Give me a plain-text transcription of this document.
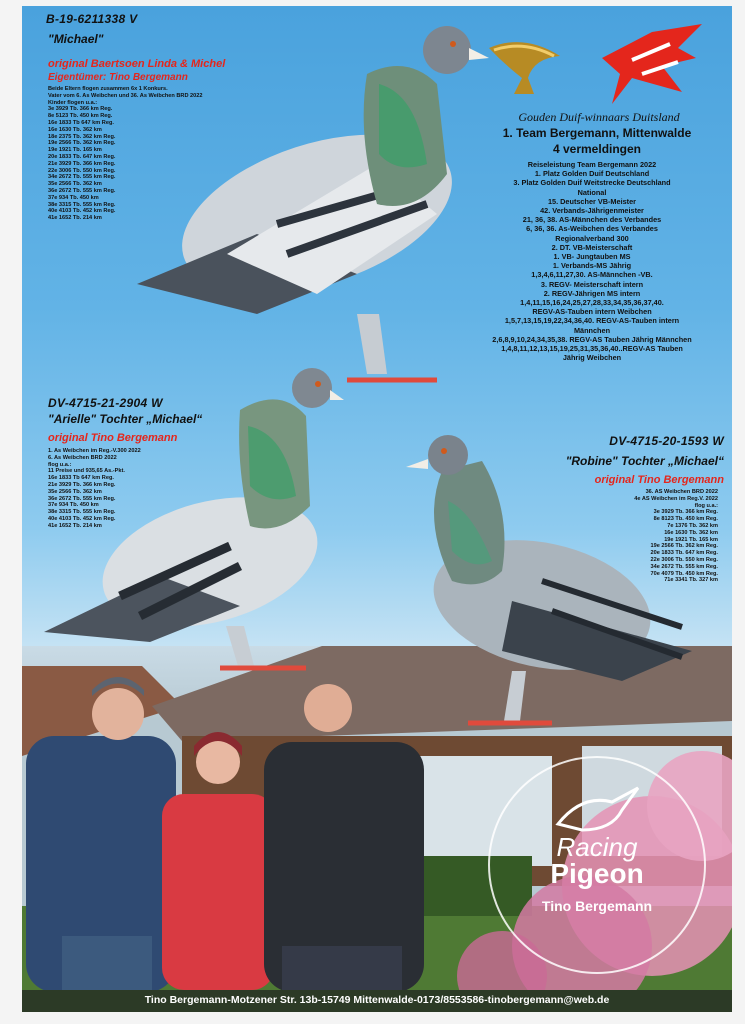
B-19-6211338 V
"Michael"
original Baertsoen Linda & Michel
Eigentümer: Tino Bergemann
Beide Eltern flogen zusammen 6x 1 Konkurs.
Vater vom 6. As Weibchen und 36. As Weibchen BRD 2022
Kinder flogen u.a.:
3e 3929 Tb. 366 km Reg.
8e 5123 Tb. 450 km Reg.
16e 1833 Tb 647 km Reg.
16e 1630 Tb. 362 km
18e 2375 Tb. 362 km Reg.
19e 2566 Tb. 362 km Reg.
19e 1921 Tb. 165 km
20e 1833 Tb. 647 km Reg.
21e 3929 Tb. 366 km Reg.
22e 3006 Tb. 550 km Reg.
34e 2672 Tb. 555 km Reg.
35e 2566 Tb. 362 km
36e 2672 Tb. 555 km Reg.
37e 934 Tb. 450 km
38e 3315 Tb. 555 km Reg.
40e 4103 Tb. 452 km Reg.
41e 1652 Tb. 214 km
Gouden Duif-winnaars Duitsland
1. Team Bergemann, Mittenwalde
4 vermeldingen
Reiseleistung Team Bergemann 2022
1. Platz Golden Duif Deutschland
3. Platz Golden Duif Weitstrecke Deutschland
National
15. Deutscher VB-Meister
42. Verbands-Jährigenmeister
21, 36, 38. AS-Männchen des Verbandes
6, 36, 36. As-Weibchen des Verbandes
Regionalverband 300
2. DT. VB-Meisterschaft
1. VB- Jungtauben MS
1. Verbands-MS Jährig
1,3,4,6,11,27,30. AS-Männchen -VB.
3. REGV- Meisterschaft intern
2. REGV-Jährigen MS intern
1,4,11,15,16,24,25,27,28,33,34,35,36,37,40.
REGV-AS-Tauben intern Weibchen
1,5,7,13,15,19,22,34,36,40. REGV-AS-Tauben intern
Männchen
2,6,8,9,10,24,34,35,38. REGV-AS Tauben Jährig Männchen
1,4,8,11,12,13,15,19,25,31,35,36,40..REGV-AS Tauben
Jährig Weibchen
DV-4715-21-2904 W
"Arielle" Tochter „Michael“
original Tino Bergemann
1. As Weibchen im Reg.-V.300 2022
6. As Weibchen BRD 2022
flog u.a.:
11 Preise und 935,65 As.-Pkt.
16e 1833 Tb 647 km Reg.
21e 3929 Tb. 366 km Reg.
35e 2566 Tb. 362 km
36e 2672 Tb. 555 km Reg.
37e 934 Tb. 450 km
38e 3315 Tb. 555 km Reg.
40e 4103 Tb. 452 km Reg.
41e 1652 Tb. 214 km
DV-4715-20-1593 W
"Robine" Tochter „Michael“
original Tino Bergemann
36. AS Weibchen BRD 2022
4e AS Weibchen im Reg.V. 2022
flog u.a.:
3e 3929 Tb. 366 km Reg.
8e 8123 Tb. 450 km Reg.
7e 1376 Tb. 362 km
16e 1630 Tb. 362 km
19e 1921 Tb. 165 km
19e 2566 Tb. 362 km Reg.
20e 1833 Tb. 647 km Reg.
22e 3006 Tb. 550 km Reg.
34e 2672 Tb. 555 km Reg.
70e 4079 Tb. 450 km Reg.
71e 3341 Tb. 327 km
Racing
Pigeon
Tino Bergemann
Tino Bergemann-Motzener Str. 13b-15749 Mittenwalde-0173/8553586-tinobergemann@web.de
